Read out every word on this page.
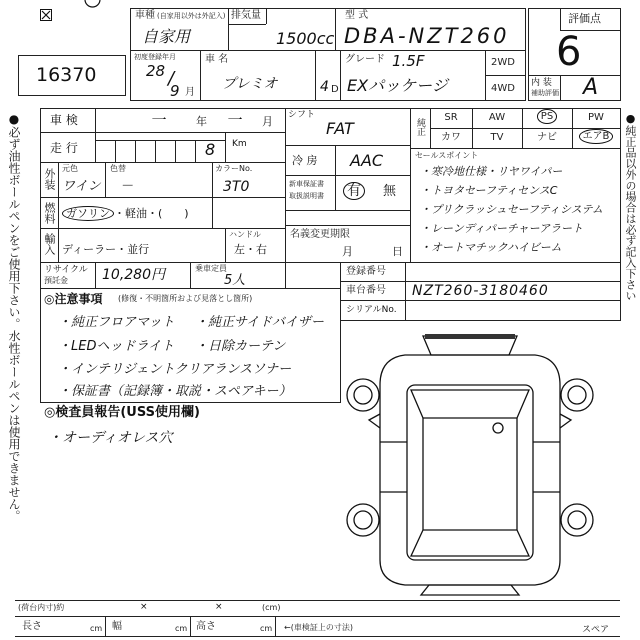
16370
車種 (自家用以外は外記入)
自家用
排気量
1500cc
型 式
DBA-NZT260
評価点
6
内 装
補助評価 A
初度登録年月
28 /
9 月
車 名
プレミオ	4 D
グレード 1.5F
EXパッケージ
2WD
4WD
●必ず油性ボールペンをご使用下さい。水性ボールペンは使用できません。 車 検	一	年 一 月
走 行	8 Km
外装 元色
ワイン
色替
－
カラーNo.
3T0
燃料 ガソリン ・軽油・(　　)
輸入	ハンドル
ディーラー・並行	左・右
リサイクル
預託金 10,280円	乗車定員
5人
シフト
FAT
冷 房 AAC
新車保証書
取扱説明書 有	無
名義変更期限
月	日
純正
SR	AW	PS	PW
カワ	TV	ナビ	エアB
セールスポイント
・寒冷地仕様・リヤワイパー
・トヨタセーフティセンスC
・プリクラッシュセーフティシステム
・レーンディパーチャーアラート
・オートマチックハイビーム	●純正品以外の場合は必ず記入下さい
登録番号
車台番号 NZT260-3180460
シリアルNo.
◎注意事項 (修復・不明箇所および見落とし箇所)
・純正フロアマット ・純正サイドバイザー
・LEDヘッドライト ・日除カーテン
・インテリジェントクリアランスソナー
・保証書（記録簿・取説・スペアキー）
◎検査員報告(USS使用欄)
・オーディオレス穴
(荷台内寸)約	×	×	(cm)
長さ	cm 幅	cm 高さ	cm ←(車検証上の寸法)	スペア
